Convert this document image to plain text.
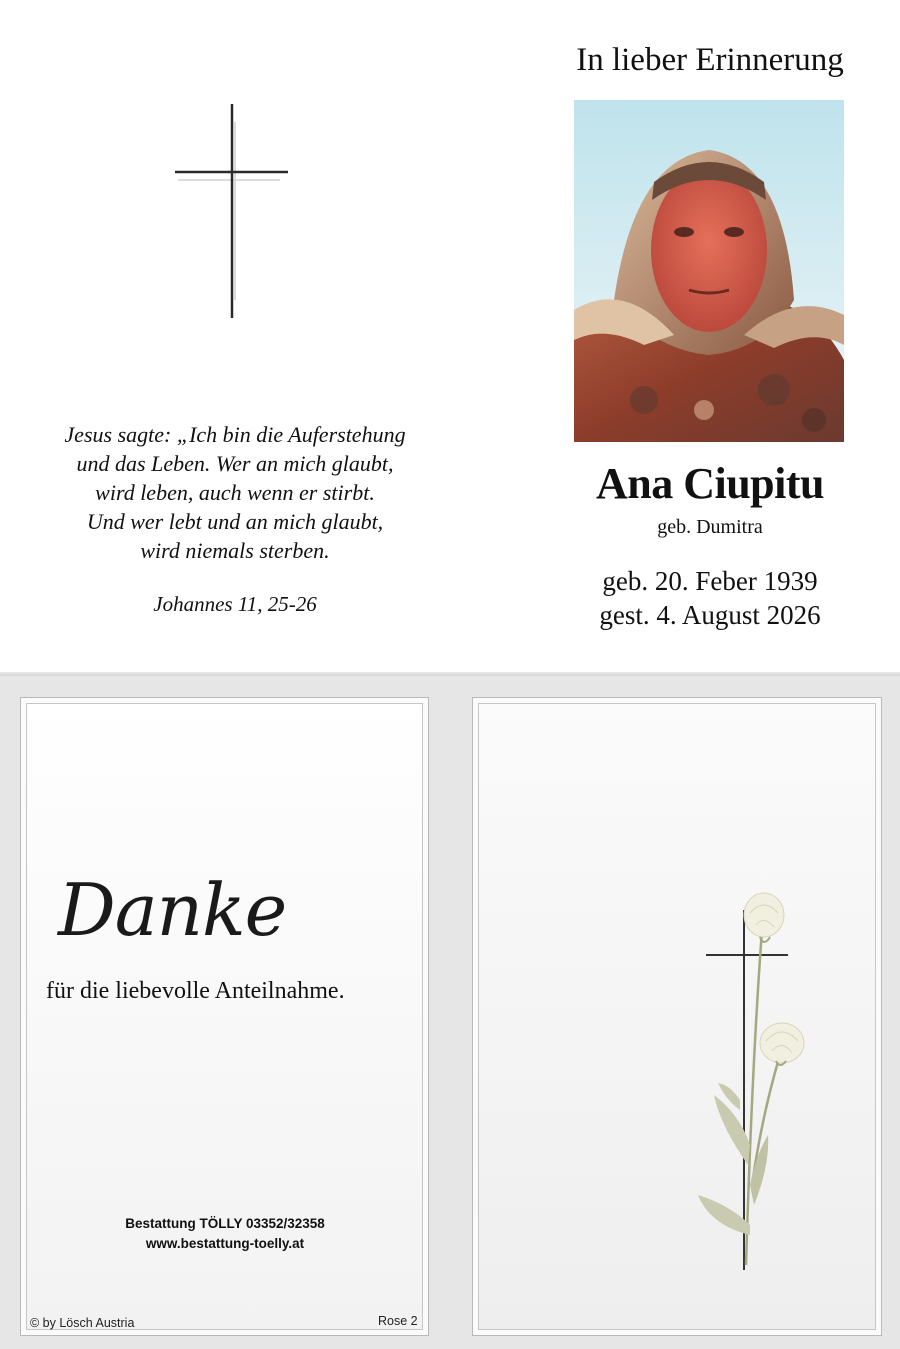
Jesus sagte: „Ich bin die Auferstehung

und das Leben. Wer an mich glaubt,

wird leben, auch wenn er stirbt.

Und wer lebt und an mich glaubt,

wird niemals sterben.

Johannes 11, 25-26
In lieber Erinnerung
Ana Ciupitu
geb. Dumitra
geb. 20. Feber 1939
gest. 4. August 2026
Danke
für die liebevolle Anteilnahme.
Bestattung TÖLLY 03352/32358
www.bestattung-toelly.at
© by Lösch Austria	Rose 2
